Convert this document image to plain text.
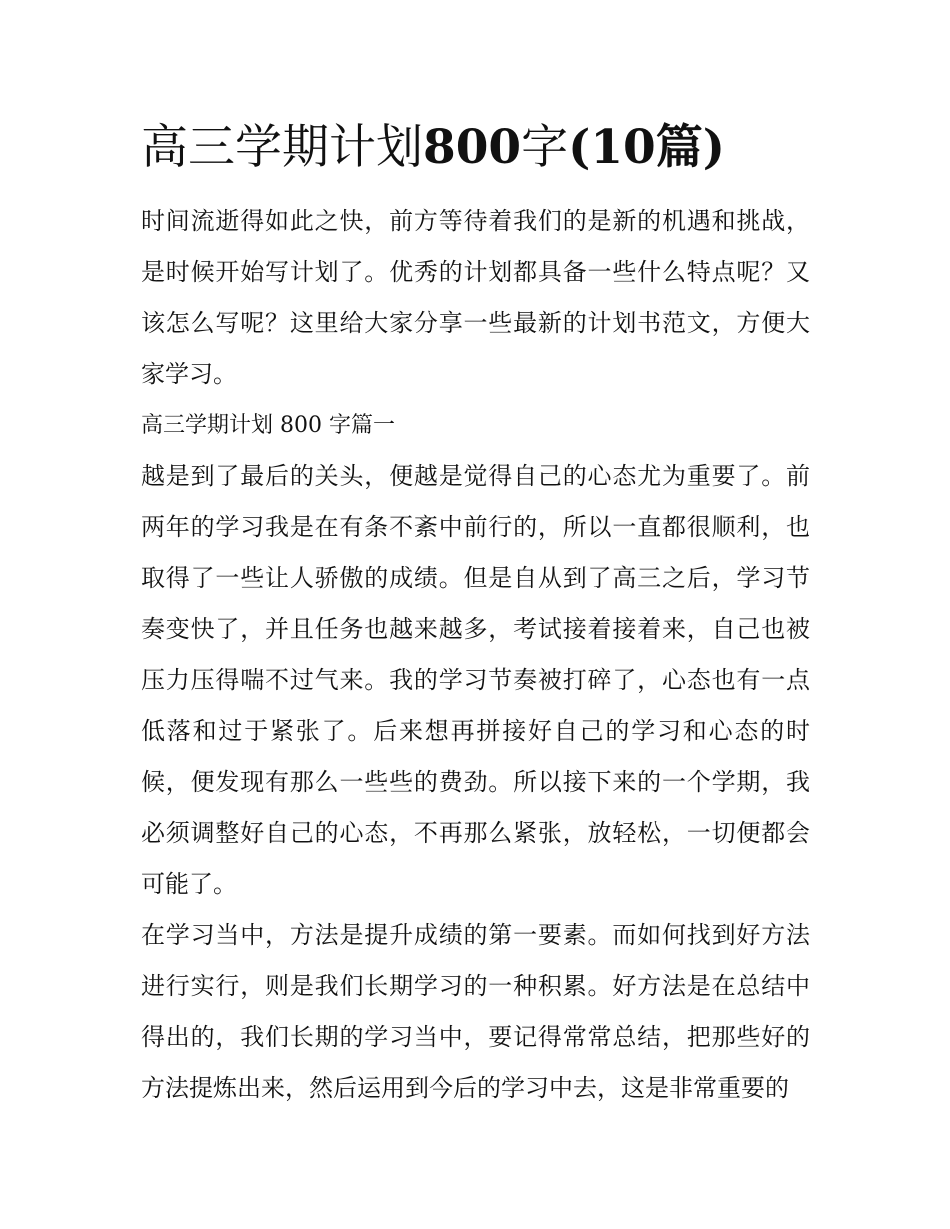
高三学期计划800字(10篇)

时间流逝得如此之快，前方等待着我们的是新的机遇和挑战，是时候开始写计划了。优秀的计划都具备一些什么特点呢？又该怎么写呢？这里给大家分享一些最新的计划书范文，方便大家学习。

高三学期计划 800 字篇一

越是到了最后的关头，便越是觉得自己的心态尤为重要了。前两年的学习我是在有条不紊中前行的，所以一直都很顺利，也取得了一些让人骄傲的成绩。但是自从到了高三之后，学习节奏变快了，并且任务也越来越多，考试接着接着来，自己也被压力压得喘不过气来。我的学习节奏被打碎了，心态也有一点低落和过于紧张了。后来想再拼接好自己的学习和心态的时候，便发现有那么一些些的费劲。所以接下来的一个学期，我必须调整好自己的心态，不再那么紧张，放轻松，一切便都会可能了。

在学习当中，方法是提升成绩的第一要素。而如何找到好方法进行实行，则是我们长期学习的一种积累。好方法是在总结中得出的，我们长期的学习当中，要记得常常总结，把那些好的方法提炼出来，然后运用到今后的学习中去，这是非常重要的
